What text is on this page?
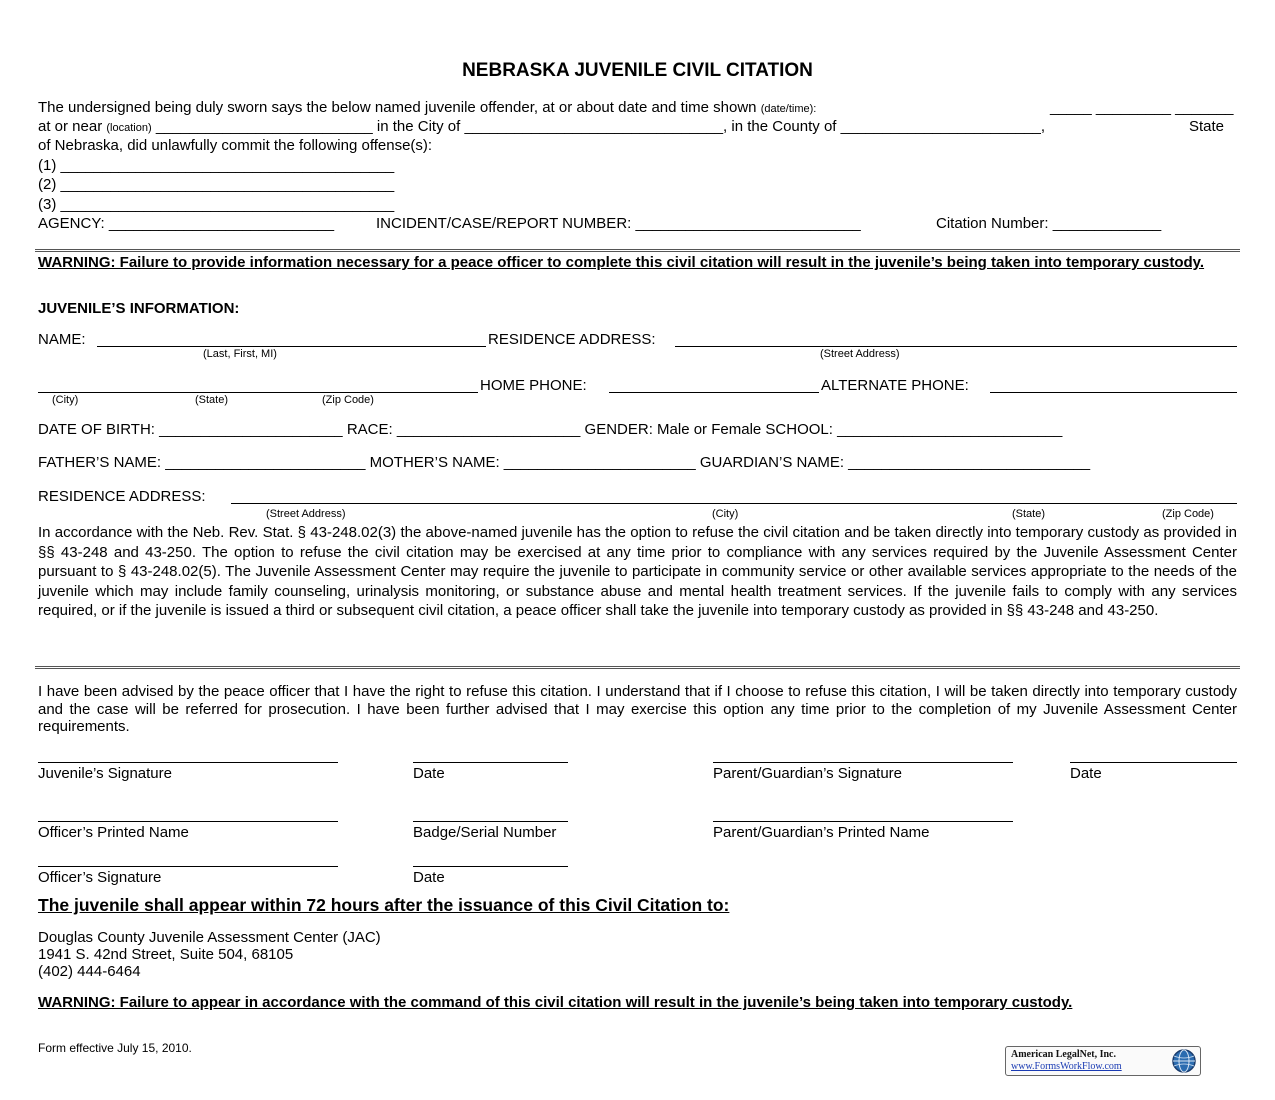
NEBRASKA JUVENILE CIVIL CITATION
The undersigned being duly sworn says the below named juvenile offender, at or about date and time shown (date/time):	_____ _________ _______
at or near (location) __________________________ in the City of _______________________________, in the County of ________________________,	State
of Nebraska, did unlawfully commit the following offense(s):
(1) ________________________________________
(2) ________________________________________
(3) ________________________________________
AGENCY: ___________________________	INCIDENT/CASE/REPORT NUMBER: ___________________________	Citation Number: _____________
WARNING: Failure to provide information necessary for a peace officer to complete this civil citation will result in the juvenile’s being taken into temporary custody.
JUVENILE’S INFORMATION:
NAME:	RESIDENCE ADDRESS:
(Last, First, MI)	(Street Address)
HOME PHONE:	ALTERNATE PHONE:
(City)	(State)	(Zip Code)
DATE OF BIRTH: ______________________ RACE: ______________________ GENDER: Male or Female SCHOOL: ___________________________
FATHER’S NAME: ________________________ MOTHER’S NAME: _______________________ GUARDIAN’S NAME: _____________________________
RESIDENCE ADDRESS:
(Street Address)	(City)	(State)	(Zip Code)
In accordance with the Neb. Rev. Stat. § 43-248.02(3) the above-named juvenile has the option to refuse the civil citation and be taken directly into temporary custody as provided in §§ 43-248 and 43-250. The option to refuse the civil citation may be exercised at any time prior to compliance with any services required by the Juvenile Assessment Center pursuant to § 43-248.02(5). The Juvenile Assessment Center may require the juvenile to participate in community service or other available services appropriate to the needs of the juvenile which may include family counseling, urinalysis monitoring, or substance abuse and mental health treatment services. If the juvenile fails to comply with any services required, or if the juvenile is issued a third or subsequent civil citation, a peace officer shall take the juvenile into temporary custody as provided in §§ 43-248 and 43-250.
I have been advised by the peace officer that I have the right to refuse this citation. I understand that if I choose to refuse this citation, I will be taken directly into temporary custody and the case will be referred for prosecution. I have been further advised that I may exercise this option any time prior to the completion of my Juvenile Assessment Center requirements.
Juvenile’s Signature	Date	Parent/Guardian’s Signature	Date
Officer’s Printed Name	Badge/Serial Number	Parent/Guardian’s Printed Name
Officer’s Signature	Date
The juvenile shall appear within 72 hours after the issuance of this Civil Citation to:
Douglas County Juvenile Assessment Center (JAC)
1941 S. 42nd Street, Suite 504, 68105
(402) 444-6464
WARNING: Failure to appear in accordance with the command of this civil citation will result in the juvenile’s being taken into temporary custody.
Form effective July 15, 2010.	American LegalNet, Inc.
www.FormsWorkFlow.com
